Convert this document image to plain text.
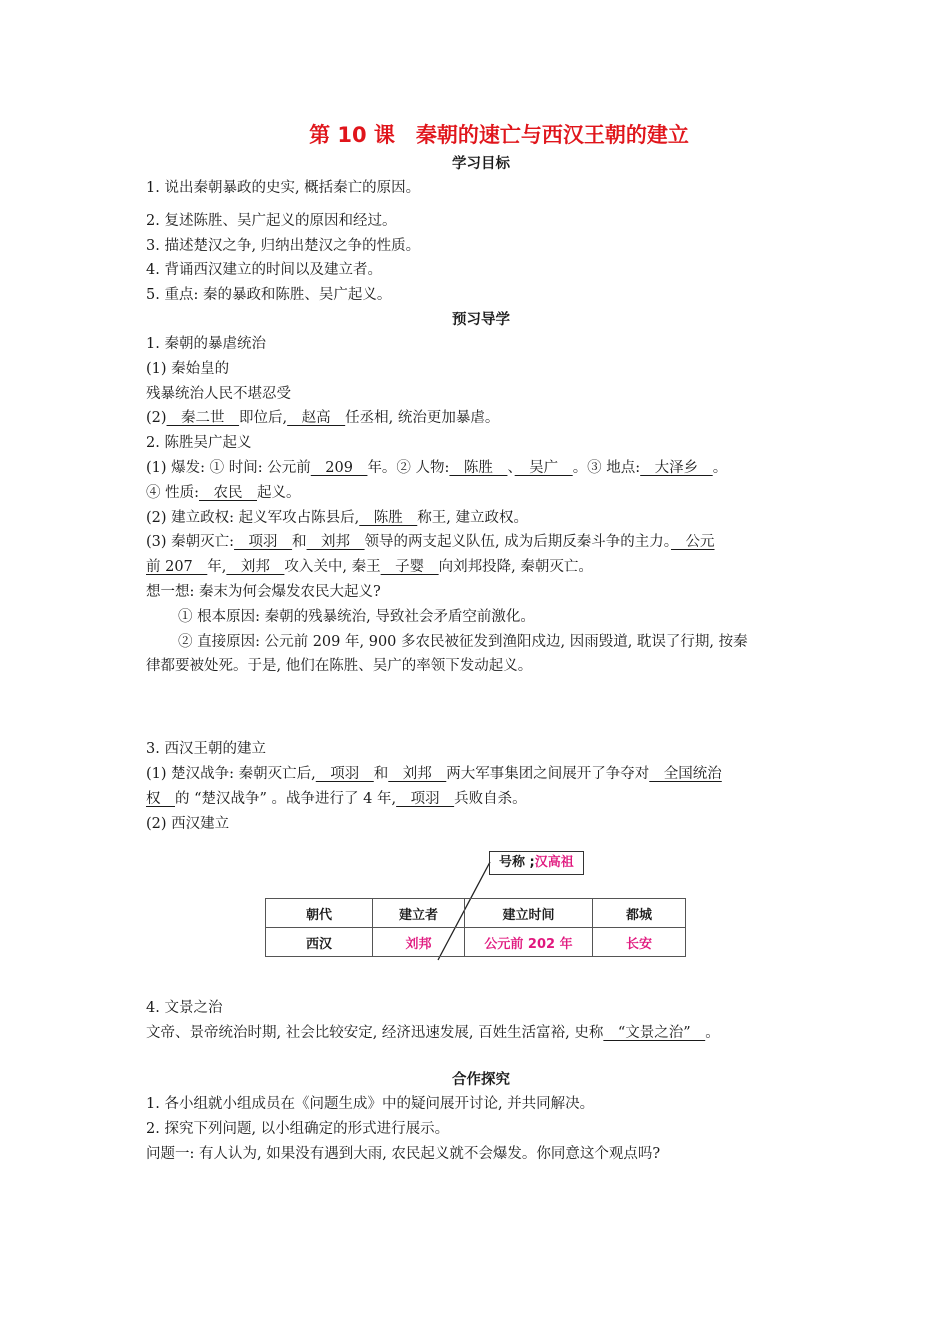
第 10 课　秦朝的速亡与西汉王朝的建立
学习目标
1. 说出秦朝暴政的史实, 概括秦亡的原因。
2. 复述陈胜、吴广起义的原因和经过。
3. 描述楚汉之争, 归纳出楚汉之争的性质。
4. 背诵西汉建立的时间以及建立者。
5. 重点: 秦的暴政和陈胜、吴广起义。
预习导学
1. 秦朝的暴虐统治
(1) 秦始皇的
残暴统治人民不堪忍受
(2)　秦二世　即位后,　赵高　任丞相, 统治更加暴虐。
2. 陈胜吴广起义
(1) 爆发: ① 时间: 公元前　209　年。② 人物:　陈胜　、　吴广　。③ 地点:　大泽乡　。
④ 性质:　农民　起义。
(2) 建立政权: 起义军攻占陈县后,　陈胜　称王, 建立政权。
(3) 秦朝灭亡:　项羽　和　刘邦　领导的两支起义队伍, 成为后期反秦斗争的主力。　公元
前 207　年,　刘邦　攻入关中, 秦王　子婴　向刘邦投降, 秦朝灭亡。
想一想: 秦末为何会爆发农民大起义?
① 根本原因: 秦朝的残暴统治, 导致社会矛盾空前激化。
② 直接原因: 公元前 209 年, 900 多农民被征发到渔阳戍边, 因雨毁道, 耽误了行期, 按秦
律都要被处死。于是, 他们在陈胜、吴广的率领下发动起义。
3. 西汉王朝的建立
(1) 楚汉战争: 秦朝灭亡后,　项羽　和　刘邦　两大军事集团之间展开了争夺对　全国统治
权　的 “楚汉战争” 。战争进行了 4 年,　项羽　兵败自杀。
(2) 西汉建立
号称 ;汉高祖
朝代	建立者	建立时间	都城
西汉	刘邦	公元前 202 年	长安
4. 文景之治
文帝、景帝统治时期, 社会比较安定, 经济迅速发展, 百姓生活富裕, 史称　“文景之治”　。
合作探究
1. 各小组就小组成员在《问题生成》中的疑问展开讨论, 并共同解决。
2. 探究下列问题, 以小组确定的形式进行展示。
问题一: 有人认为, 如果没有遇到大雨, 农民起义就不会爆发。你同意这个观点吗?
